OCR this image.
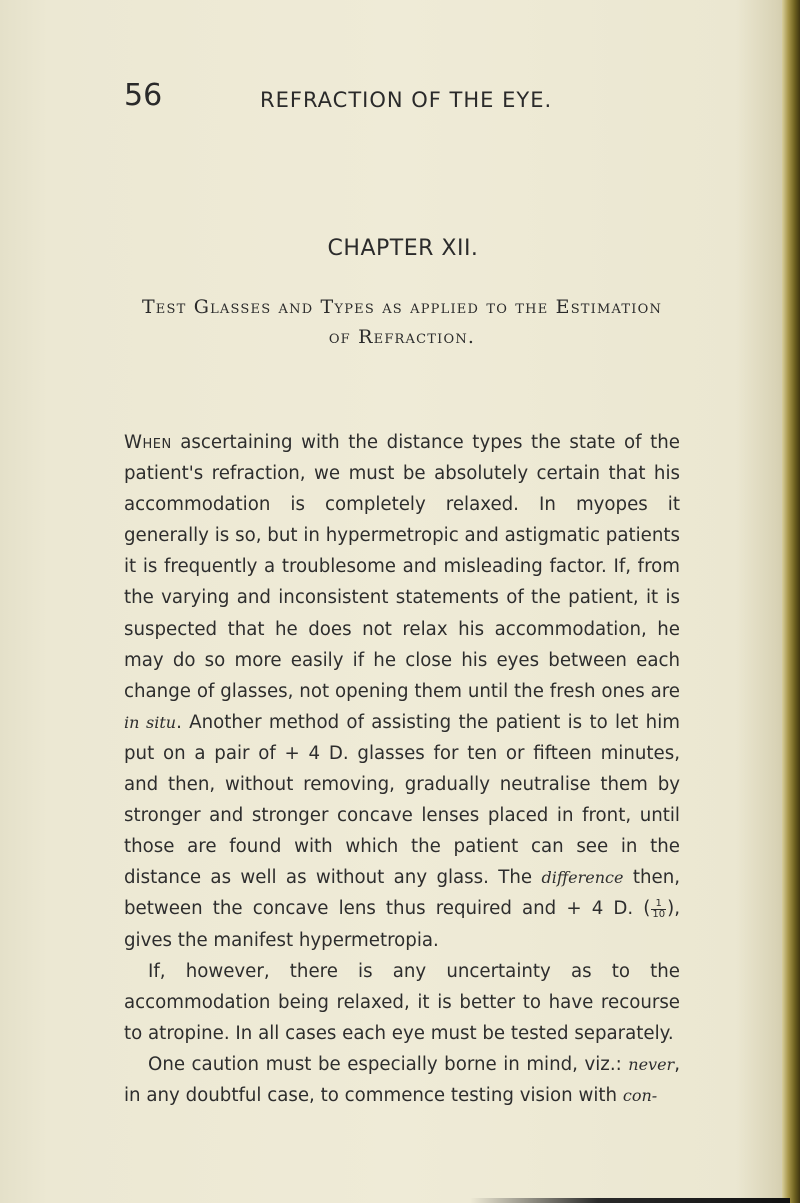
56	REFRACTION OF THE EYE.
CHAPTER XII.
Test Glasses and Types as applied to the Estimation
of Refraction.

When ascertaining with the distance types the state of the patient's refraction, we must be absolutely certain that his accommodation is completely relaxed. In myopes it generally is so, but in hypermetropic and astigmatic patients it is frequently a troublesome and misleading factor. If, from the varying and inconsistent statements of the patient, it is suspected that he does not relax his accommodation, he may do so more easily if he close his eyes between each change of glasses, not opening them until the fresh ones are in situ. Another method of assisting the patient is to let him put on a pair of + 4 D. glasses for ten or fifteen minutes, and then, without removing, gradually neutralise them by stronger and stronger concave lenses placed in front, until those are found with which the patient can see in the distance as well as without any glass. The difference then, between the concave lens thus required and + 4 D. ( $\frac{1}{10}$ ), gives the manifest hypermetropia.

If, however, there is any uncertainty as to the accommodation being relaxed, it is better to have recourse to atropine. In all cases each eye must be tested separately.

One caution must be especially borne in mind, viz.: never, in any doubtful case, to commence testing vision with con-
